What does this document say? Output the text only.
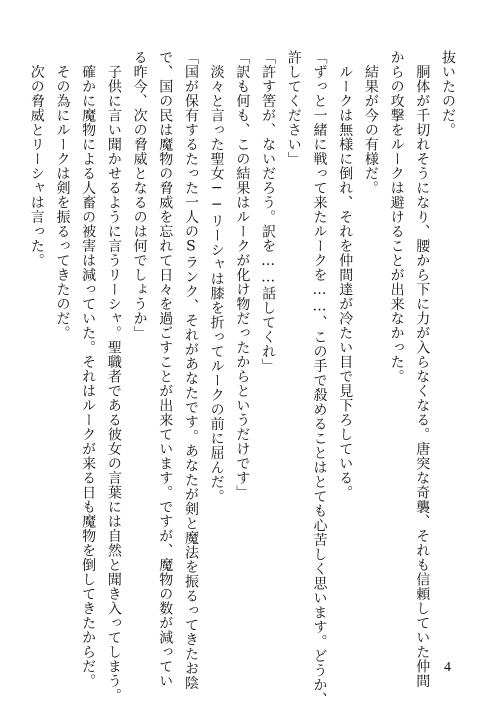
抜いたのだ。
　胴体が千切れそうになり、腰から下に力が入らなくなる。唐突な奇襲、それも信頼していた仲間
からの攻撃をルークは避けることが出来なかった。
　結果が今の有様だ。
　ルークは無様に倒れ、それを仲間達が冷たい目で見下ろしている。
「ずっと一緒に戦って来たルークを……、この手で殺めることはとても心苦しく思います。どうか、
許してください」
「許す筈が、ないだろう。訳を……話してくれ」
「訳も何も、この結果はルークが化け物だったからというだけです」
　淡々と言った聖女──リーシャは膝を折ってルークの前に屈んだ。
「国が保有するたった一人のSランク、それがあなたです。あなたが剣と魔法を振るってきたお陰
で、国の民は魔物の脅威を忘れて日々を過ごすことが出来ています。ですが、魔物の数が減ってい
る昨今、次の脅威となるのは何でしょうか」
　子供に言い聞かせるように言うリーシャ。聖職者である彼女の言葉には自然と聞き入ってしまう。
　確かに魔物による人畜の被害は減っていた。それはルークが来る日も魔物を倒してきたからだ。
　その為にルークは剣を振るってきたのだ。
　次の脅威とリーシャは言った。
4
